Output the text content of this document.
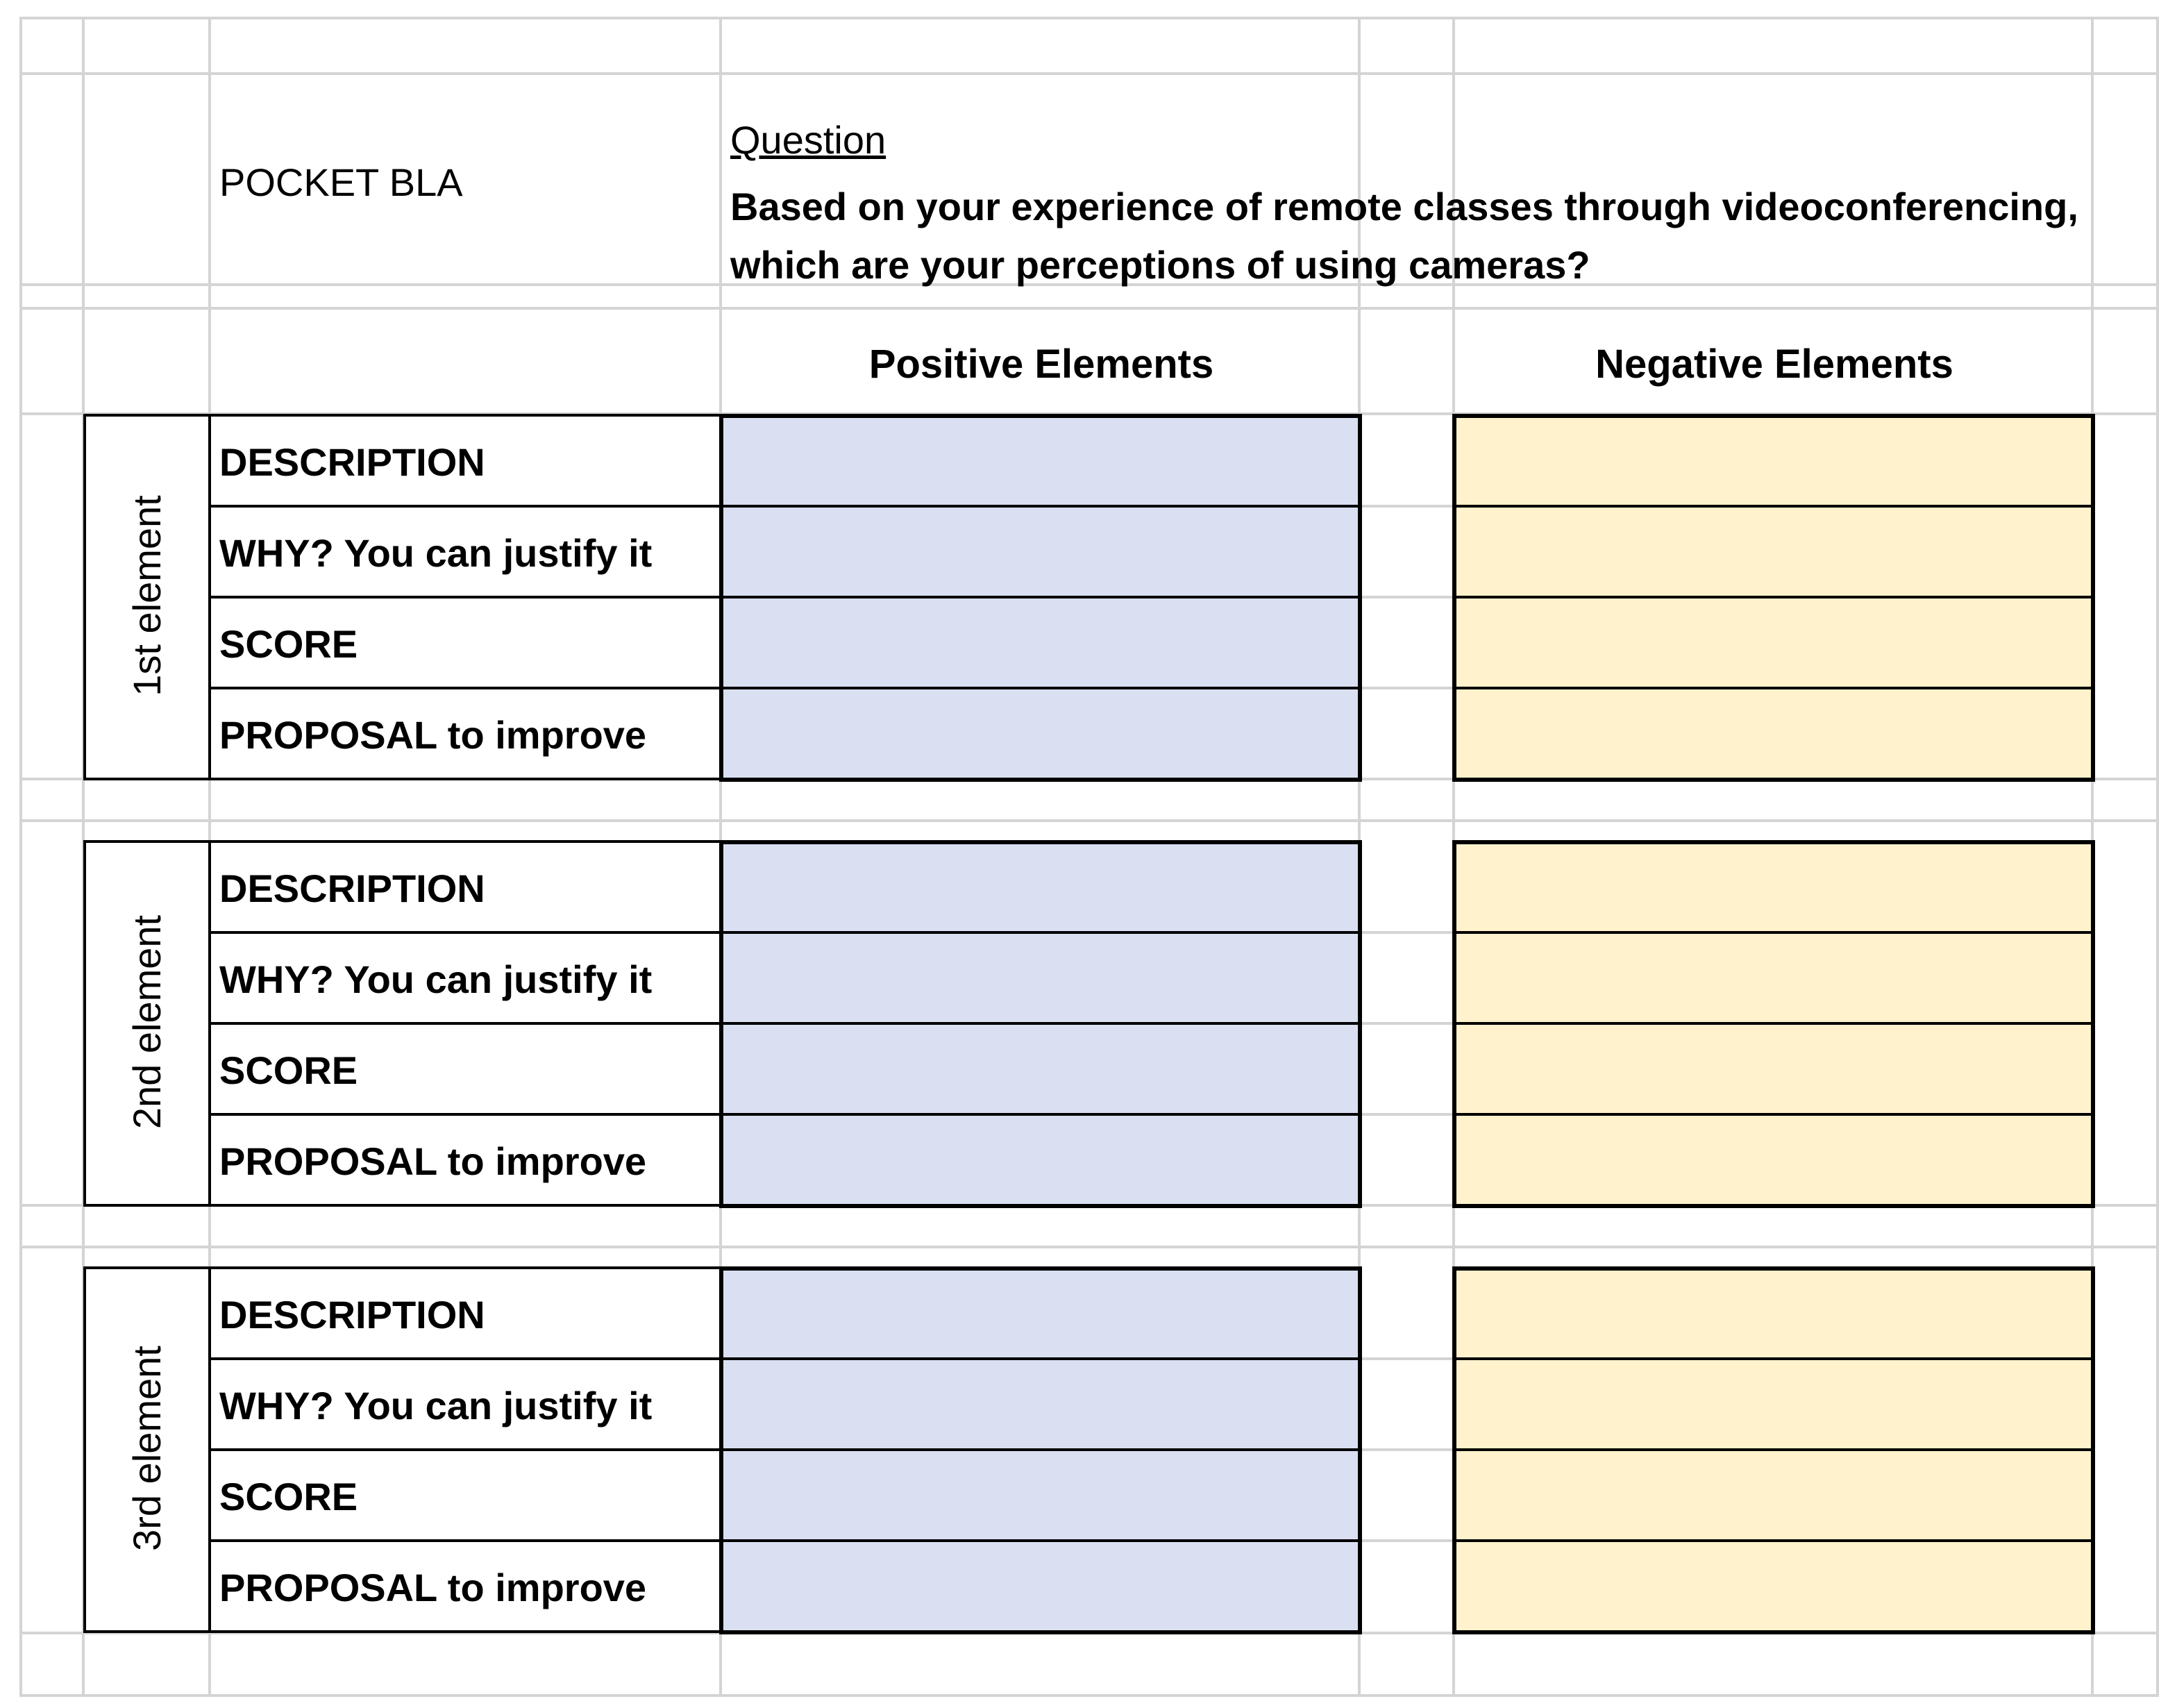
POCKET BLA
Question
Based on your experience of remote classes through videoconferencing, which are your perceptions of using cameras?
Positive Elements	Negative Elements
1st element
DESCRIPTION
WHY? You can justify it
SCORE
PROPOSAL to improve
2nd element
DESCRIPTION
WHY? You can justify it
SCORE
PROPOSAL to improve
3rd element
DESCRIPTION
WHY? You can justify it
SCORE
PROPOSAL to improve
